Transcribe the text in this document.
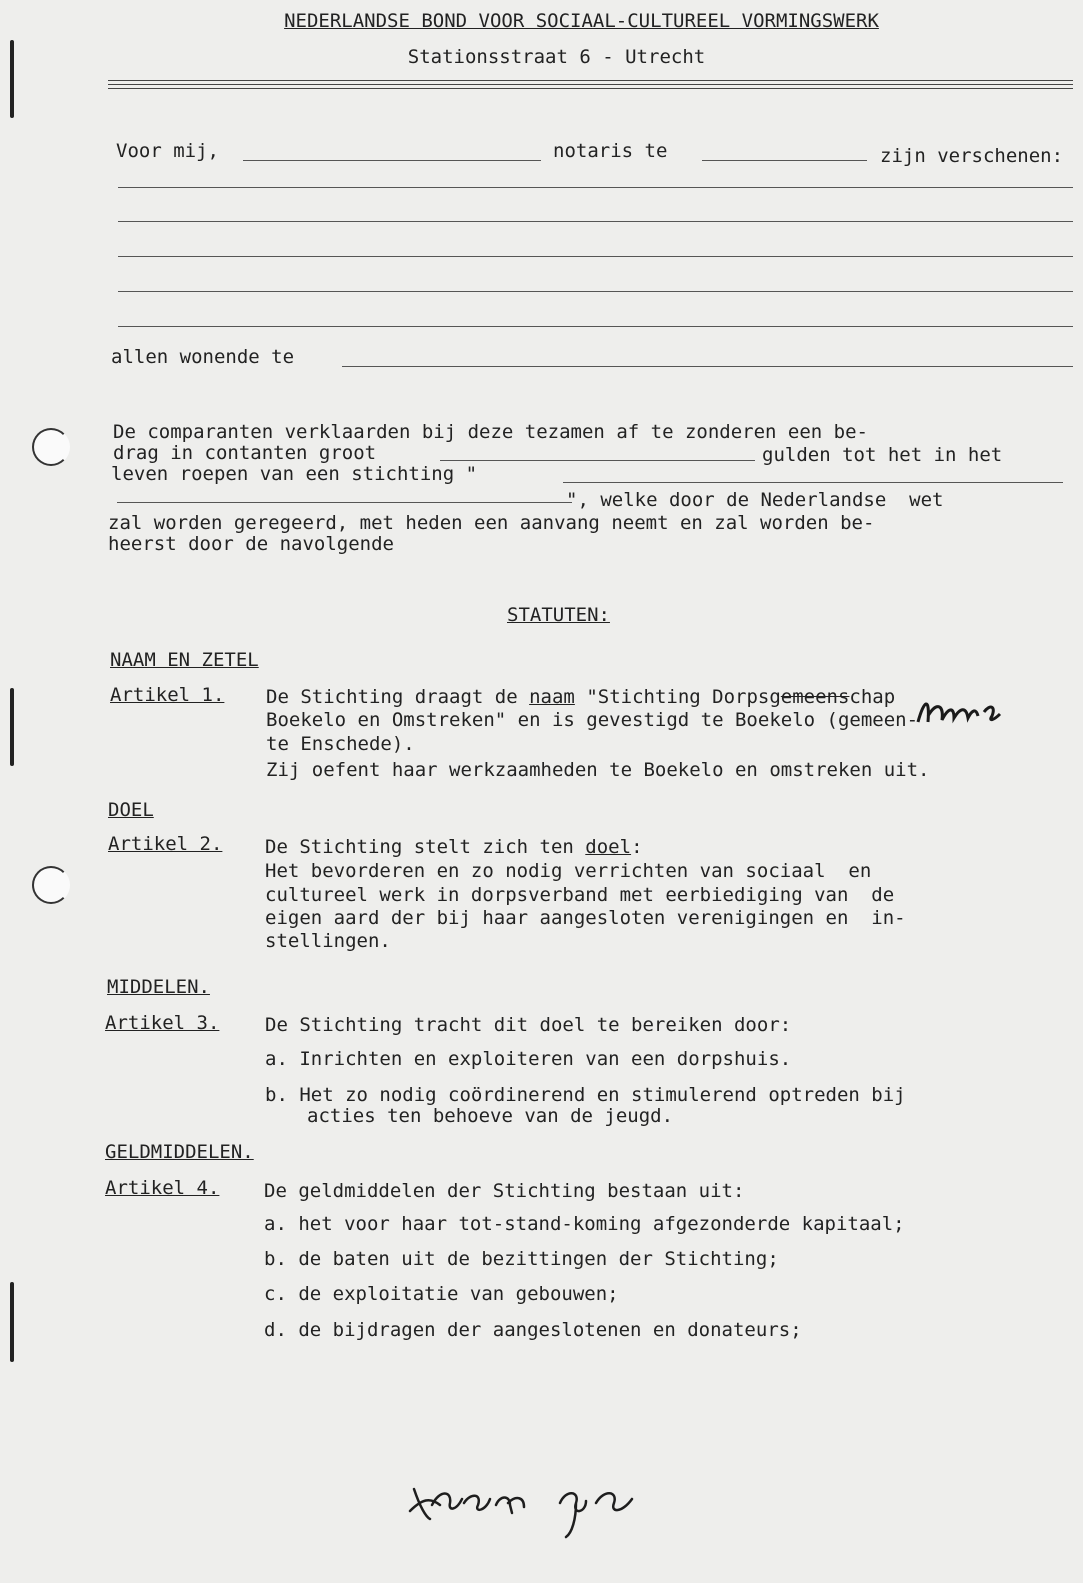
NEDERLANDSE BOND VOOR SOCIAAL-CULTUREEL VORMINGSWERK
Stationsstraat 6 - Utrecht
Voor mij,	notaris te	zijn verschenen:
allen wonende te
De comparanten verklaarden bij deze tezamen af te zonderen een be-
drag in contanten groot	gulden tot het in het
leven roepen van een stichting "
", welke door de Nederlandse  wet
zal worden geregeerd, met heden een aanvang neemt en zal worden be-
heerst door de navolgende
STATUTEN:
NAAM EN ZETEL
Artikel 1. De Stichting draagt de naam "Stichting Dorpsgemeenschap

Boekelo en Omstreken" en is gevestigd te Boekelo (gemeen-
te Enschede).
Zij oefent haar werkzaamheden te Boekelo en omstreken uit.
DOEL
Artikel 2. De Stichting stelt zich ten doel:
Het bevorderen en zo nodig verrichten van sociaal  en
cultureel werk in dorpsverband met eerbiediging van  de
eigen aard der bij haar aangesloten verenigingen en  in-
stellingen.
MIDDELEN.
Artikel 3. De Stichting tracht dit doel te bereiken door:
a. Inrichten en exploiteren van een dorpshuis.
b. Het zo nodig coördinerend en stimulerend optreden bij
acties ten behoeve van de jeugd.
GELDMIDDELEN.
Artikel 4. De geldmiddelen der Stichting bestaan uit:
a. het voor haar tot-stand-koming afgezonderde kapitaal;
b. de baten uit de bezittingen der Stichting;
c. de exploitatie van gebouwen;
d. de bijdragen der aangeslotenen en donateurs;
